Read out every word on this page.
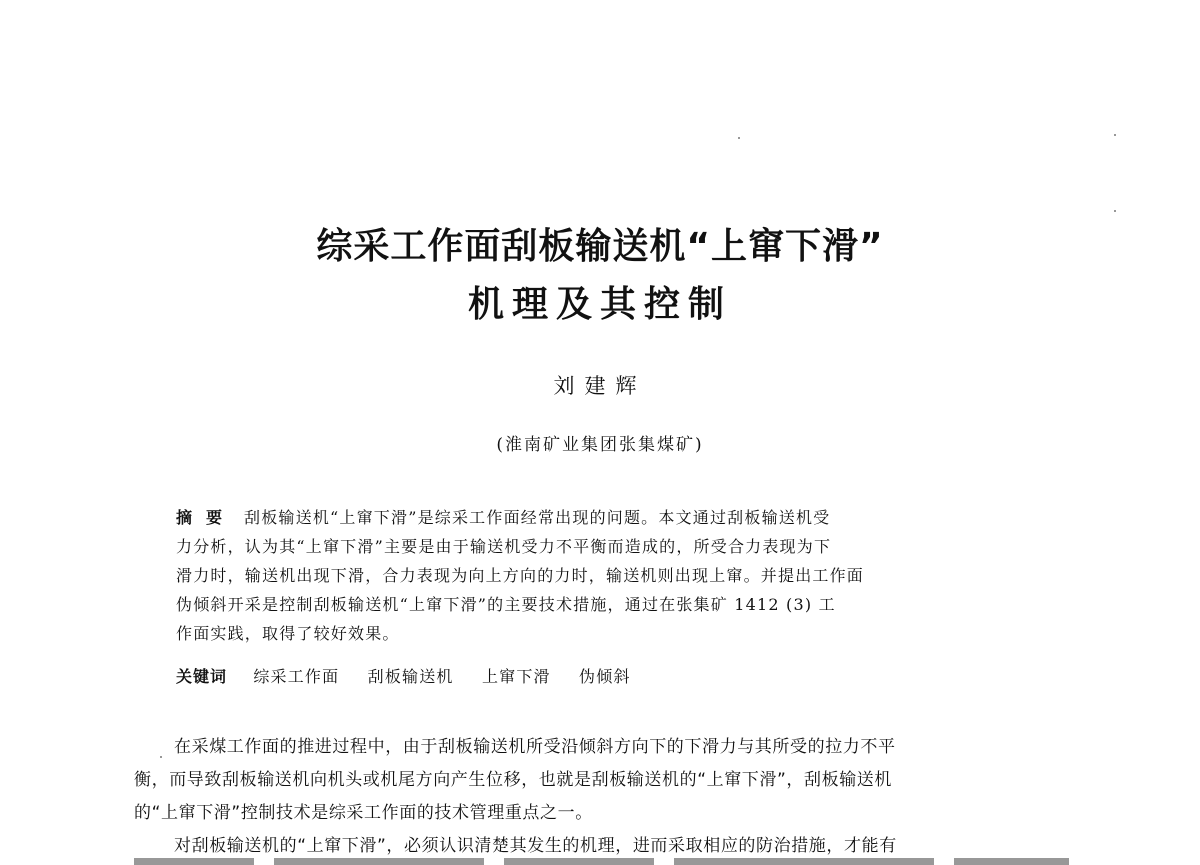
综采工作面刮板输送机“上窜下滑”
机理及其控制
刘建辉
(淮南矿业集团张集煤矿)
摘要 刮板输送机“上窜下滑”是综采工作面经常出现的问题。本文通过刮板输送机受
力分析，认为其“上窜下滑”主要是由于输送机受力不平衡而造成的，所受合力表现为下
滑力时，输送机出现下滑，合力表现为向上方向的力时，输送机则出现上窜。并提出工作面
伪倾斜开采是控制刮板输送机“上窜下滑”的主要技术措施，通过在张集矿 1412 (3) 工
作面实践，取得了较好效果。
关键词 综采工作面 刮板输送机 上窜下滑 伪倾斜
在采煤工作面的推进过程中，由于刮板输送机所受沿倾斜方向下的下滑力与其所受的拉力不平
衡，而导致刮板输送机向机头或机尾方向产生位移，也就是刮板输送机的“上窜下滑”，刮板输送机
的“上窜下滑”控制技术是综采工作面的技术管理重点之一。
对刮板输送机的“上窜下滑”，必须认识清楚其发生的机理，进而采取相应的防治措施，才能有
